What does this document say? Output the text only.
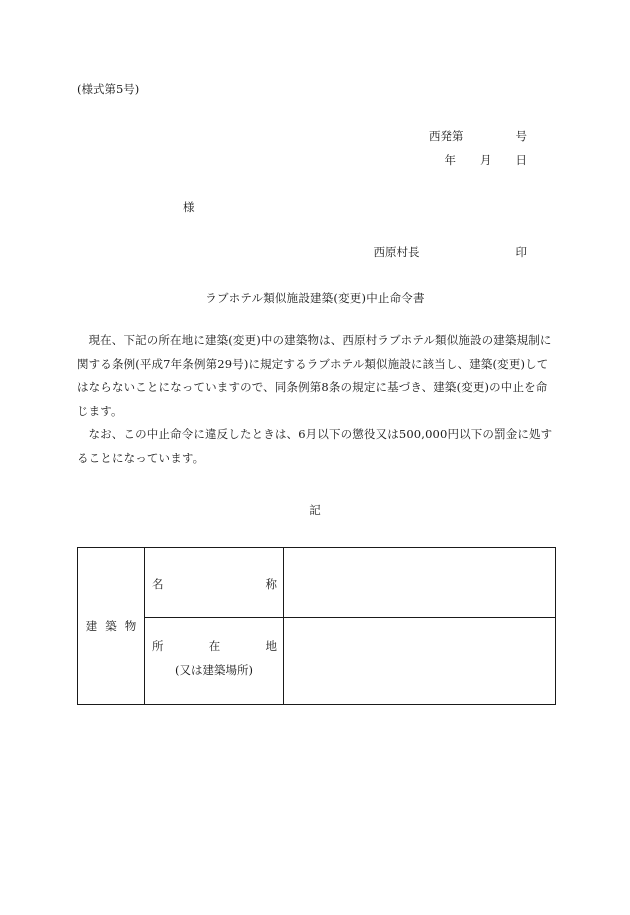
(様式第5号)
西発第	号
年 月 日
様
西原村長	印
ラブホテル類似施設建築(変更)中止命令書

現在、下記の所在地に建築(変更)中の建築物は、西原村ラブホテル類似施設の建築規制に関する条例(平成7年条例第29号)に規定するラブホテル類似施設に該当し、建築(変更)してはならないことになっていますので、同条例第8条の規定に基づき、建築(変更)の中止を命じます。

なお、この中止命令に違反したときは、6月以下の懲役又は500,000円以下の罰金に処することになっています。

記
建築物	名 称	

	所 在 地
(又は建築場所)	
